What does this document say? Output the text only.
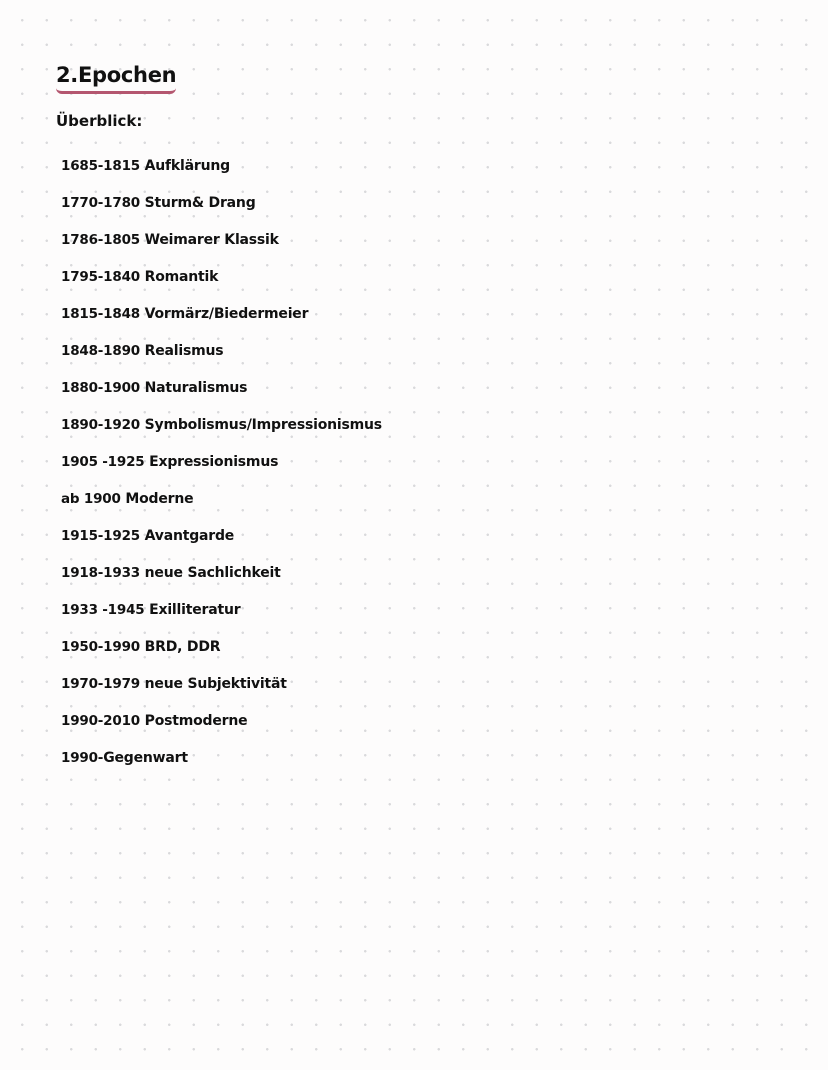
2.Epochen
Überblick:
1685-1815 Aufklärung
1770-1780 Sturm& Drang
1786-1805 Weimarer Klassik
1795-1840 Romantik
1815-1848 Vormärz/Biedermeier
1848-1890 Realismus
1880-1900 Naturalismus
1890-1920 Symbolismus/Impressionismus
1905 -1925 Expressionismus
ab 1900 Moderne
1915-1925 Avantgarde
1918-1933 neue Sachlichkeit
1933 -1945 Exilliteratur
1950-1990 BRD, DDR
1970-1979 neue Subjektivität
1990-2010 Postmoderne
1990-Gegenwart
